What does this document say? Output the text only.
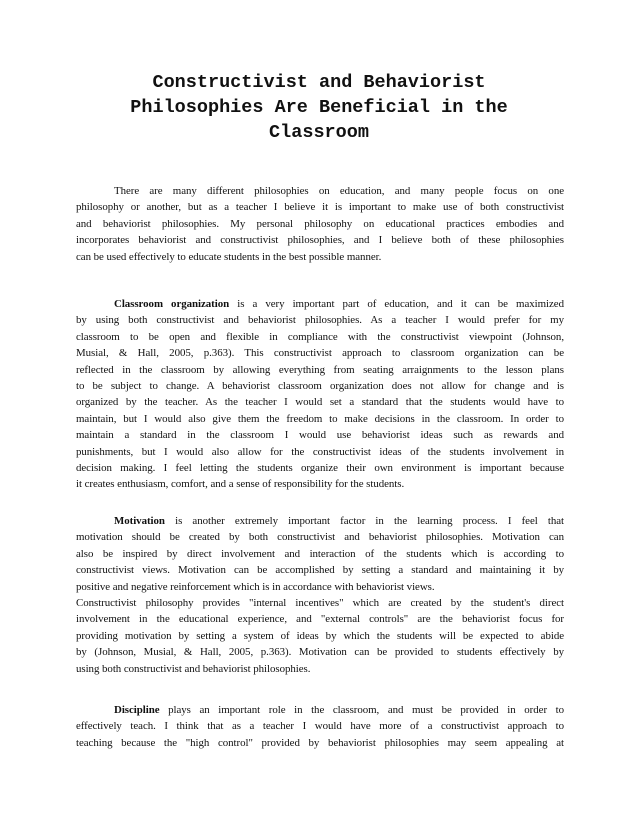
Constructivist and Behaviorist
Philosophies Are Beneficial in the
Classroom
There are many different philosophies on education, and many people focus on one
philosophy or another, but as a teacher I believe it is important to make use of both constructivist
and behaviorist philosophies. My personal philosophy on educational practices embodies and
incorporates behaviorist and constructivist philosophies, and I believe both of these philosophies
can be used effectively to educate students in the best possible manner.
Classroom organization is a very important part of education, and it can be maximized
by using both constructivist and behaviorist philosophies. As a teacher I would prefer for my
classroom to be open and flexible in compliance with the constructivist viewpoint (Johnson,
Musial, & Hall, 2005, p.363). This constructivist approach to classroom organization can be
reflected in the classroom by allowing everything from seating arraignments to the lesson plans
to be subject to change. A behaviorist classroom organization does not allow for change and is
organized by the teacher. As the teacher I would set a standard that the students would have to
maintain, but I would also give them the freedom to make decisions in the classroom. In order to
maintain a standard in the classroom I would use behaviorist ideas such as rewards and
punishments, but I would also allow for the constructivist ideas of the students involvement in
decision making. I feel letting the students organize their own environment is important because
it creates enthusiasm, comfort, and a sense of responsibility for the students.
Motivation is another extremely important factor in the learning process. I feel that
motivation should be created by both constructivist and behaviorist philosophies. Motivation can
also be inspired by direct involvement and interaction of the students which is according to
constructivist views. Motivation can be accomplished by setting a standard and maintaining it by
positive and negative reinforcement which is in accordance with behaviorist views.
Constructivist philosophy provides "internal incentives" which are created by the student's direct
involvement in the educational experience, and "external controls" are the behaviorist focus for
providing motivation by setting a system of ideas by which the students will be expected to abide
by (Johnson, Musial, & Hall, 2005, p.363). Motivation can be provided to students effectively by
using both constructivist and behaviorist philosophies.
Discipline plays an important role in the classroom, and must be provided in order to
effectively teach. I think that as a teacher I would have more of a constructivist approach to
teaching because the "high control" provided by behaviorist philosophies may seem appealing at
